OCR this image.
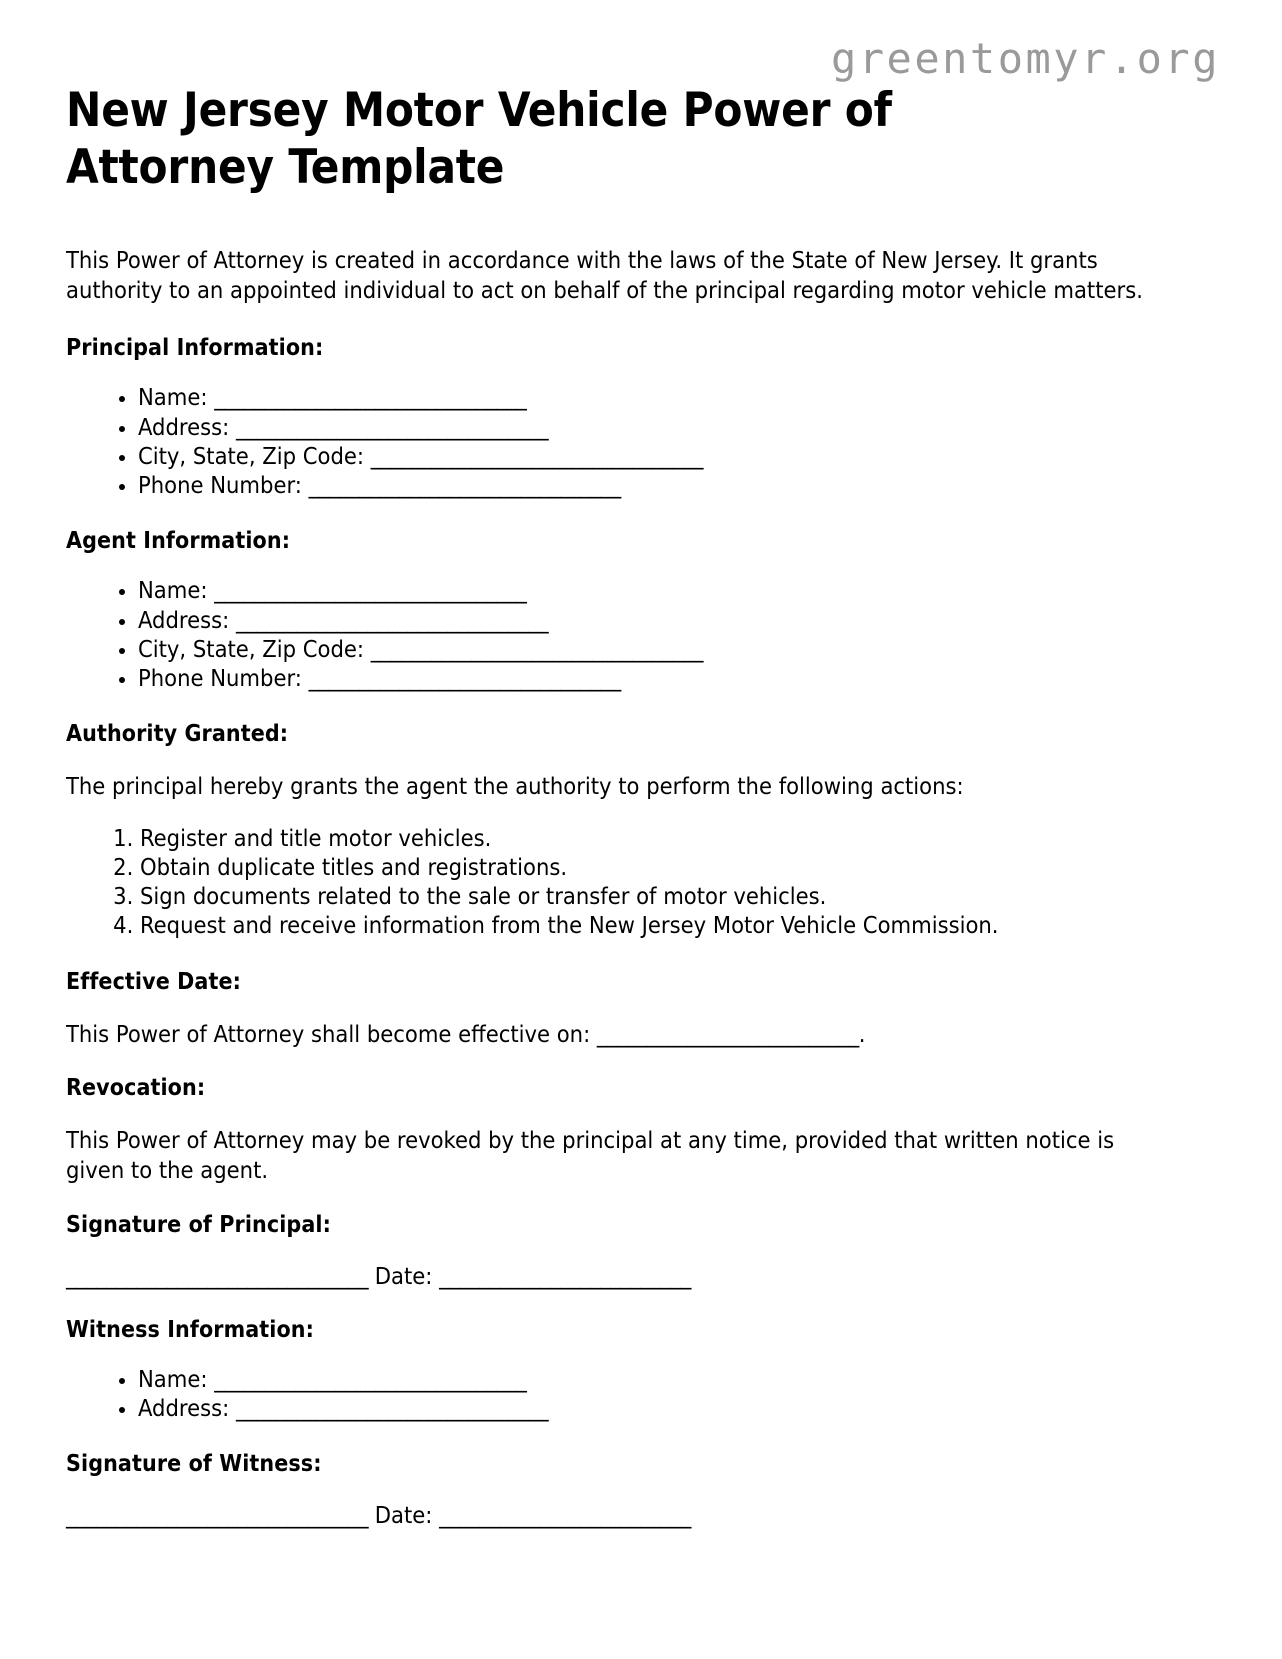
greentomyr.org
New Jersey Motor Vehicle Power of Attorney Template

This Power of Attorney is created in accordance with the laws of the State of New Jersey. It grants authority to an appointed individual to act on behalf of the principal regarding motor vehicle matters.

Principal Information:
• Name: _______________________________
• Address: _______________________________
• City, State, Zip Code: _________________________________
• Phone Number: _______________________________
Agent Information:
• Name: _______________________________
• Address: _______________________________
• City, State, Zip Code: _________________________________
• Phone Number: _______________________________
Authority Granted:

The principal hereby grants the agent the authority to perform the following actions:

1. Register and title motor vehicles.
2. Obtain duplicate titles and registrations.
3. Sign documents related to the sale or transfer of motor vehicles.
4. Request and receive information from the New Jersey Motor Vehicle Commission.
Effective Date:

This Power of Attorney shall become effective on: __________________________.

Revocation:

This Power of Attorney may be revoked by the principal at any time, provided that written notice is given to the agent.

Signature of Principal:

______________________________ Date: _________________________

Witness Information:
• Name: _______________________________
• Address: _______________________________
Signature of Witness:

______________________________ Date: _________________________
